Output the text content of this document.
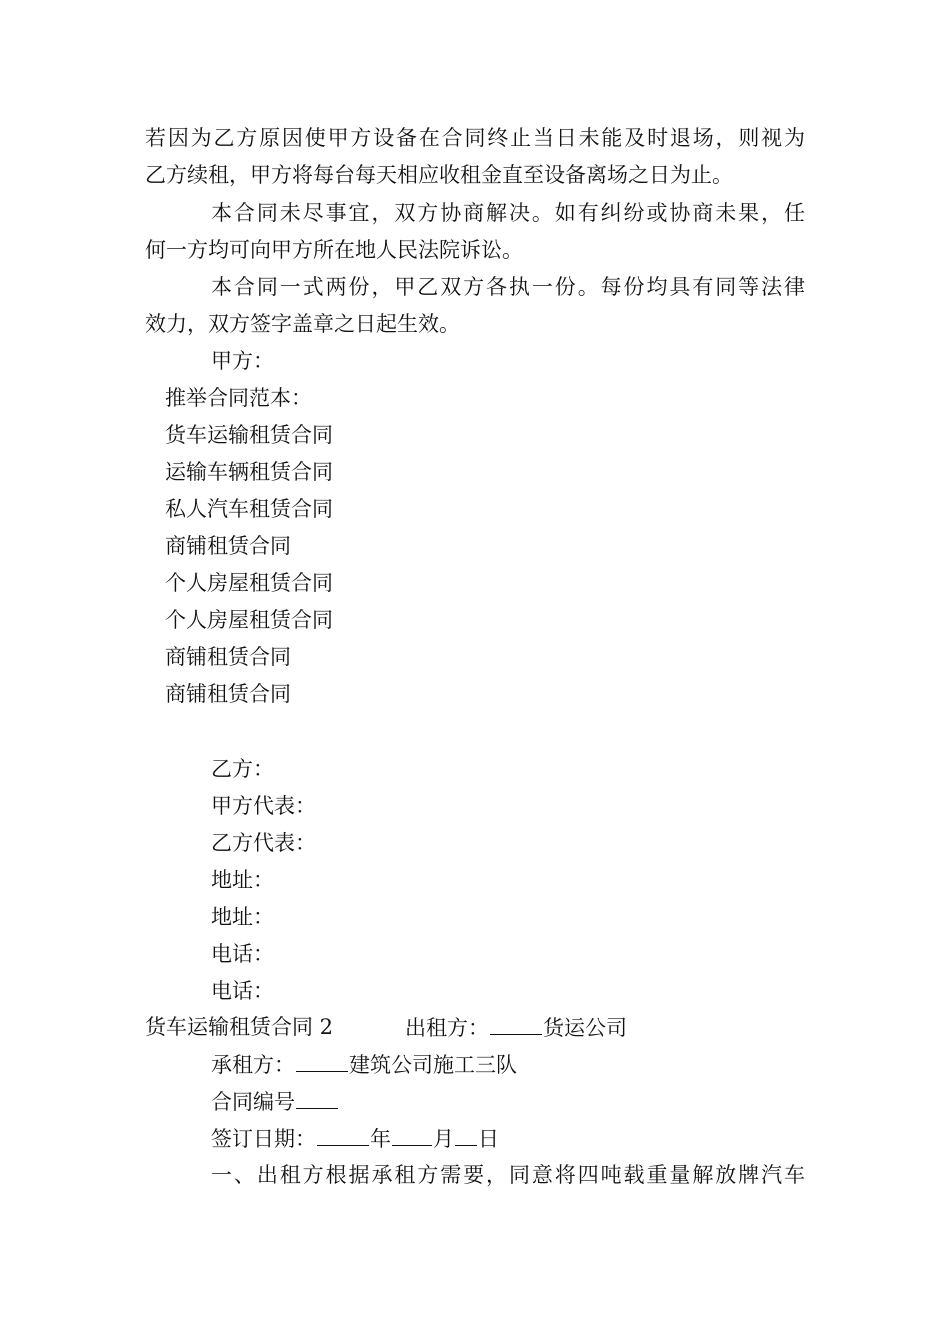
若因为乙方原因使甲方设备在合同终止当日未能及时退场，则视为
乙方续租，甲方将每台每天相应收租金直至设备离场之日为止。
本合同未尽事宜，双方协商解决。如有纠纷或协商未果，任
何一方均可向甲方所在地人民法院诉讼。
本合同一式两份，甲乙双方各执一份。每份均具有同等法律
效力，双方签字盖章之日起生效。
甲方：
推举合同范本：
货车运输租赁合同
运输车辆租赁合同
私人汽车租赁合同
商铺租赁合同
个人房屋租赁合同
个人房屋租赁合同
商铺租赁合同
商铺租赁合同
乙方：
甲方代表：
乙方代表：
地址：
地址：
电话：
电话：
货车运输租赁合同 2	出租方：	货运公司
承租方：	建筑公司施工三队
合同编号
签订日期：	年 月 日
一、出租方根据承租方需要，同意将四吨载重量解放牌汽车
